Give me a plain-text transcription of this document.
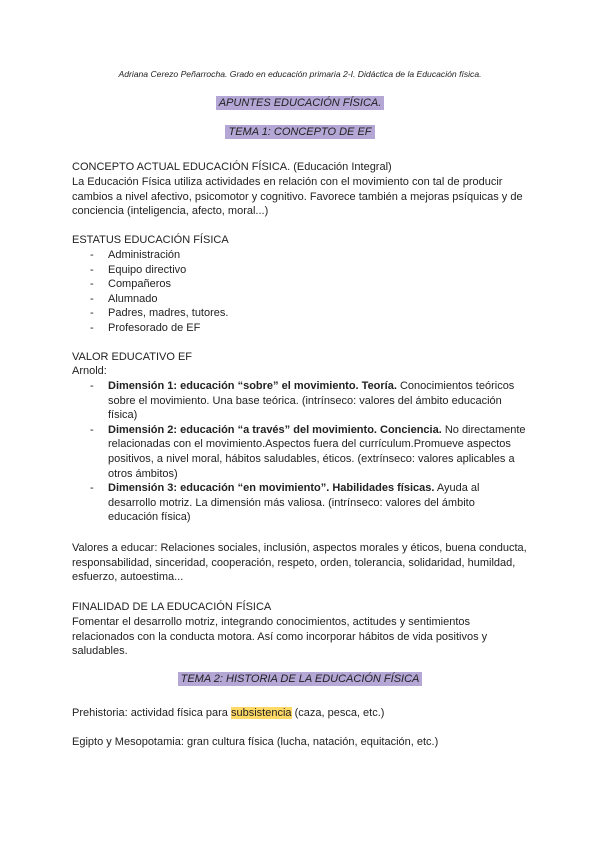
Adriana Cerezo Peñarrocha. Grado en educación primaria 2-I. Didáctica de la Educación física.
APUNTES EDUCACIÓN FÍSICA.
TEMA 1: CONCEPTO DE EF
CONCEPTO ACTUAL EDUCACIÓN FÍSICA. (Educación Integral)
La Educación Física utiliza actividades en relación con el movimiento con tal de producir cambios a nivel afectivo, psicomotor y cognitivo. Favorece también a mejoras psíquicas y de conciencia (inteligencia, afecto, moral...)
ESTATUS EDUCACIÓN FÍSICA
- Administración
- Equipo directivo
- Compañeros
- Alumnado
- Padres, madres, tutores.
- Profesorado de EF
VALOR EDUCATIVO EF
Arnold:
- Dimensión 1: educación “sobre” el movimiento. Teoría. Conocimientos teóricos sobre el movimiento. Una base teórica. (intrínseco: valores del ámbito educación física)
- Dimensión 2: educación “a través” del movimiento. Conciencia. No directamente relacionadas con el movimiento.Aspectos fuera del currículum.Promueve aspectos positivos, a nivel moral, hábitos saludables, éticos. (extrínseco: valores aplicables a otros ámbitos)
- Dimensión 3: educación “en movimiento”. Habilidades físicas. Ayuda al desarrollo motriz. La dimensión más valiosa. (intrínseco: valores del ámbito educación física)
Valores a educar: Relaciones sociales, inclusión, aspectos morales y éticos, buena conducta, responsabilidad, sinceridad, cooperación, respeto, orden, tolerancia, solidaridad, humildad, esfuerzo, autoestima...
FINALIDAD DE LA EDUCACIÓN FÍSICA
Fomentar el desarrollo motriz, integrando conocimientos, actitudes y sentimientos relacionados con la conducta motora. Así como incorporar hábitos de vida positivos y saludables.
TEMA 2: HISTORIA DE LA EDUCACIÓN FÍSICA
Prehistoria: actividad física para subsistencia (caza, pesca, etc.)
Egipto y Mesopotamia: gran cultura física (lucha, natación, equitación, etc.)
